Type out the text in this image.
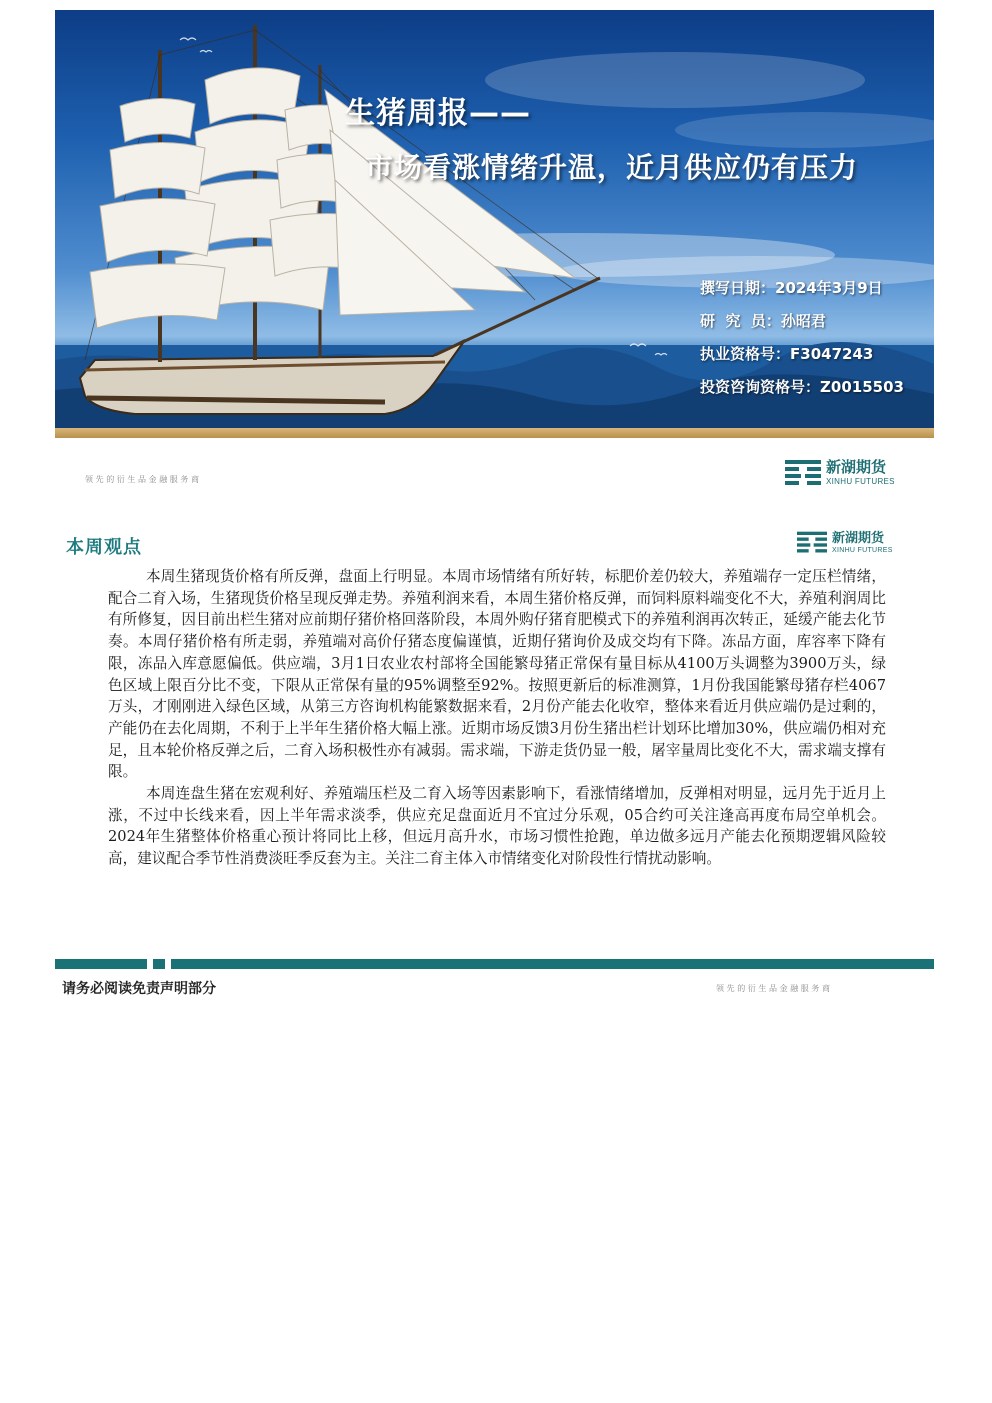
生猪周报——
市场看涨情绪升温，近月供应仍有压力
撰写日期： 2024年3月9日
研  究  员： 孙昭君
执业资格号： F3047243
投资咨询资格号： Z0015503
领先的衍生品金融服务商
新湖期货
XINHU FUTURES
本周观点	新湖期货
XINHU FUTURES

本周生猪现货价格有所反弹，盘面上行明显。本周市场情绪有所好转，标肥价差仍较大，养殖端存一定压栏情绪，配合二育入场，生猪现货价格呈现反弹走势。养殖利润来看，本周生猪价格反弹，而饲料原料端变化不大，养殖利润周比有所修复，因目前出栏生猪对应前期仔猪价格回落阶段，本周外购仔猪育肥模式下的养殖利润再次转正，延缓产能去化节奏。本周仔猪价格有所走弱，养殖端对高价仔猪态度偏谨慎，近期仔猪询价及成交均有下降。冻品方面，库容率下降有限，冻品入库意愿偏低。供应端，3月1日农业农村部将全国能繁母猪正常保有量目标从4100万头调整为3900万头，绿色区域上限百分比不变，下限从正常保有量的95%调整至92%。按照更新后的标准测算，1月份我国能繁母猪存栏4067万头，才刚刚进入绿色区域，从第三方咨询机构能繁数据来看，2月份产能去化收窄，整体来看近月供应端仍是过剩的，产能仍在去化周期，不利于上半年生猪价格大幅上涨。近期市场反馈3月份生猪出栏计划环比增加30%，供应端仍相对充足，且本轮价格反弹之后，二育入场积极性亦有减弱。需求端，下游走货仍显一般，屠宰量周比变化不大，需求端支撑有限。

本周连盘生猪在宏观利好、养殖端压栏及二育入场等因素影响下，看涨情绪增加，反弹相对明显，远月先于近月上涨，不过中长线来看，因上半年需求淡季，供应充足盘面近月不宜过分乐观，05合约可关注逢高再度布局空单机会。2024年生猪整体价格重心预计将同比上移，但远月高升水，市场习惯性抢跑，单边做多远月产能去化预期逻辑风险较高，建议配合季节性消费淡旺季反套为主。关注二育主体入市情绪变化对阶段性行情扰动影响。

请务必阅读免责声明部分	领先的衍生品金融服务商
